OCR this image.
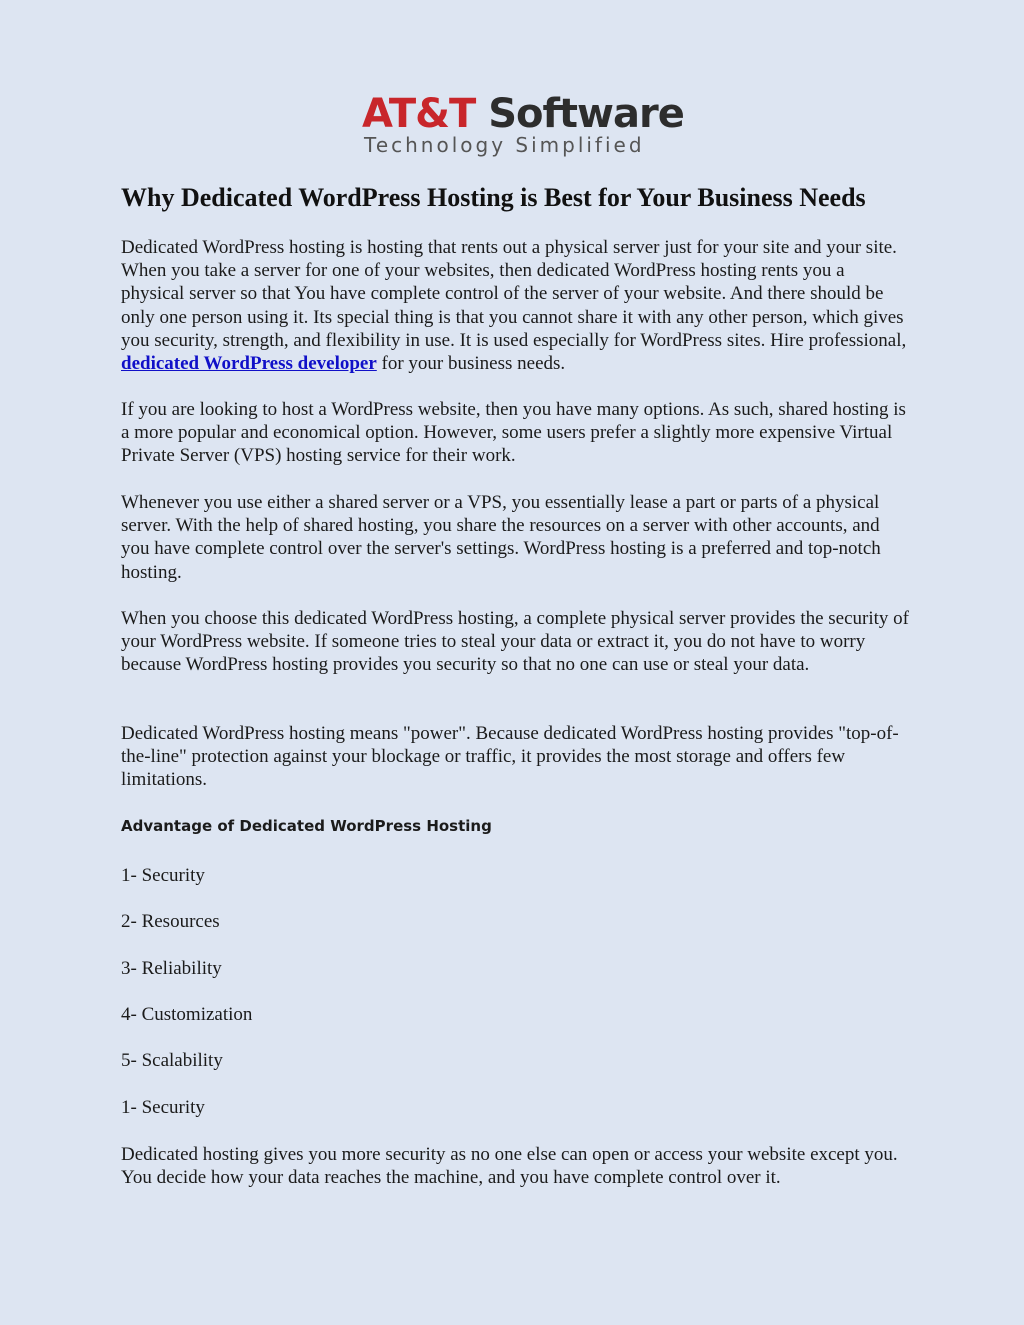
AT&T Software
Technology Simplified
Why Dedicated WordPress Hosting is Best for Your Business Needs

Dedicated WordPress hosting is hosting that rents out a physical server just for your site and your site. When you take a server for one of your websites, then dedicated WordPress hosting rents you a physical server so that You have complete control of the server of your website. And there should be only one person using it. Its special thing is that you cannot share it with any other person, which gives you security, strength, and flexibility in use. It is used especially for WordPress sites. Hire professional, dedicated WordPress developer for your business needs.

If you are looking to host a WordPress website, then you have many options. As such, shared hosting is a more popular and economical option. However, some users prefer a slightly more expensive Virtual Private Server (VPS) hosting service for their work.

Whenever you use either a shared server or a VPS, you essentially lease a part or parts of a physical server. With the help of shared hosting, you share the resources on a server with other accounts, and you have complete control over the server's settings. WordPress hosting is a preferred and top-notch hosting.

When you choose this dedicated WordPress hosting, a complete physical server provides the security of your WordPress website. If someone tries to steal your data or extract it, you do not have to worry because WordPress hosting provides you security so that no one can use or steal your data.

Dedicated WordPress hosting means "power". Because dedicated WordPress hosting provides "top-of-the-line" protection against your blockage or traffic, it provides the most storage and offers few limitations.

Advantage of Dedicated WordPress Hosting

1- Security

2- Resources

3- Reliability

4- Customization

5- Scalability

1- Security

Dedicated hosting gives you more security as no one else can open or access your website except you. You decide how your data reaches the machine, and you have complete control over it.
